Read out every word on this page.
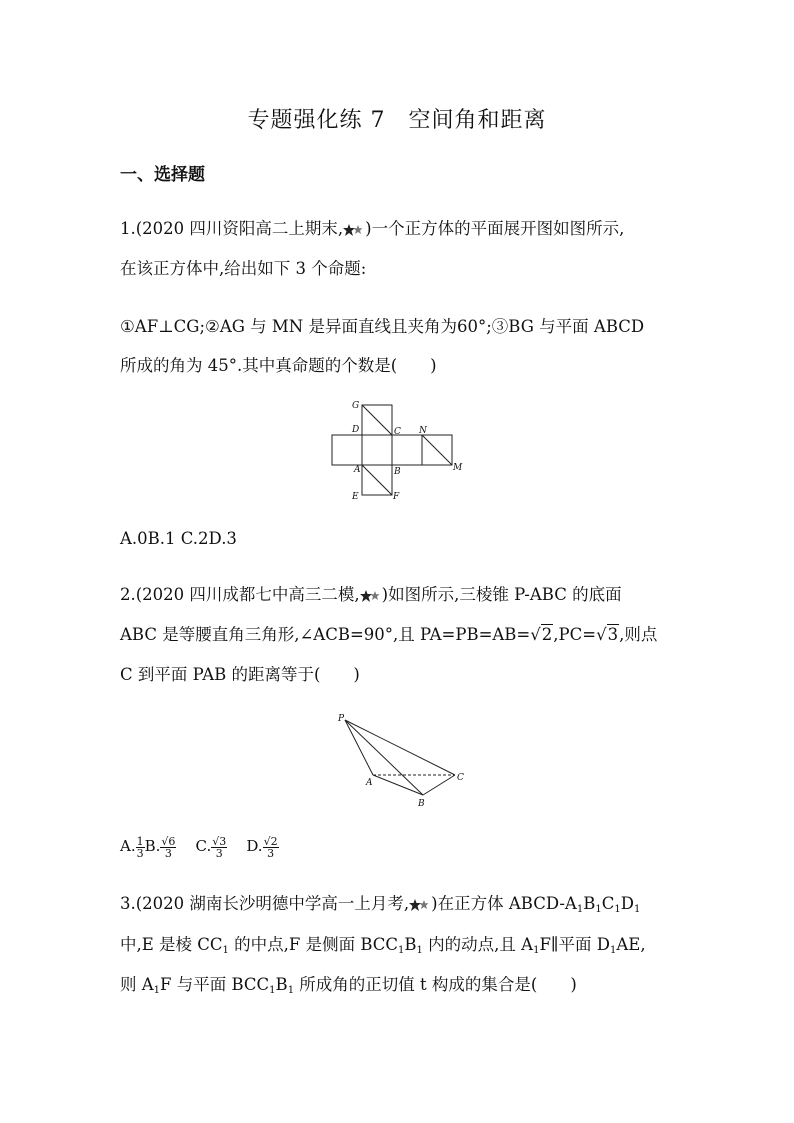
专题强化练 7　空间角和距离
一、选择题
1.(2020 四川资阳高二上期末, )一个正方体的平面展开图如图所示,
在该正方体中,给出如下 3 个命题:
①AF⊥CG;②AG 与 MN 是异面直线且夹角为60°;③BG 与平面 ABCD
所成的角为 45°.其中真命题的个数是(　　)
G
D	C N
A	B	M
E	F
A.0B.1 C.2D.3
2.(2020 四川成都七中高三二模, )如图所示,三棱锥 P-ABC 的底面
ABC 是等腰直角三角形,∠ACB=90°,且 PA=PB=AB=√2,PC=√3,则点
C 到平面 PAB 的距离等于(　　)
P
A
B
C
A. $\frac{1}{3} B$. $\frac{√6}{3} C$. $\frac{√3}{3} D$. $\frac{√2}{3}$
3.(2020 湖南长沙明德中学高一上月考, )在正方体 ABCD-$A_1B_1C_1D_1$
中,E 是棱 $CC_1$ 的中点,F 是侧面 $BCC_1B_1$ 内的动点,且 $A_1F\parallel$平面 $D_1AE$,
则 $A_1F$ 与平面 $BCC_1B_1$ 所成角的正切值 t 构成的集合是(　　)
